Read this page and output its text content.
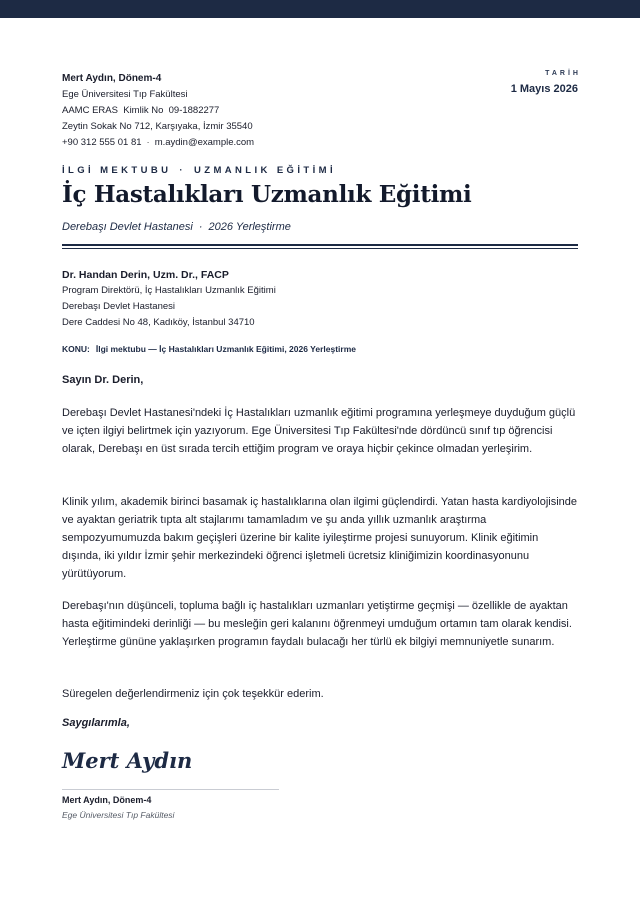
Mert Aydın, Dönem-4
Ege Üniversitesi Tıp Fakültesi
AAMC ERAS  Kimlik No  09-1882277
Zeytin Sokak No 712, Karşıyaka, İzmir 35540
+90 312 555 01 81 · m.aydin@example.com
TARİH
1 Mayıs 2026
İLGİ MEKTUBU · UZMANLIK EĞİTİMİ
İç Hastalıkları Uzmanlık Eğitimi
Derebaşı Devlet Hastanesi · 2026 Yerleştirme
Dr. Handan Derin, Uzm. Dr., FACP
Program Direktörü, İç Hastalıkları Uzmanlık Eğitimi
Derebaşı Devlet Hastanesi
Dere Caddesi No 48, Kadıköy, İstanbul 34710
KONU: İlgi mektubu — İç Hastalıkları Uzmanlık Eğitimi, 2026 Yerleştirme
Sayın Dr. Derin,

Derebaşı Devlet Hastanesi'ndeki İç Hastalıkları uzmanlık eğitimi programına yerleşmeye duyduğum güçlü ve içten ilgiyi belirtmek için yazıyorum. Ege Üniversitesi Tıp Fakültesi'nde dördüncü sınıf tıp öğrencisi olarak, Derebaşı en üst sırada tercih ettiğim program ve oraya hiçbir çekince olmadan yerleşirim.

Klinik yılım, akademik birinci basamak iç hastalıklarına olan ilgimi güçlendirdi. Yatan hasta kardiyolojisinde ve ayaktan geriatrik tıpta alt stajlarımı tamamladım ve şu anda yıllık uzmanlık araştırma sempozyumumuzda bakım geçişleri üzerine bir kalite iyileştirme projesi sunuyorum. Klinik eğitimin dışında, iki yıldır İzmir şehir merkezindeki öğrenci işletmeli ücretsiz kliniğimizin koordinasyonunu yürütüyorum.

Derebaşı'nın düşünceli, topluma bağlı iç hastalıkları uzmanları yetiştirme geçmişi — özellikle de ayaktan hasta eğitimindeki derinliği — bu mesleğin geri kalanını öğrenmeyi umduğum ortamın tam olarak kendisi. Yerleştirme gününe yaklaşırken programın faydalı bulacağı her türlü ek bilgiyi memnuniyetle sunarım.

Süregelen değerlendirmeniz için çok teşekkür ederim.

Saygılarımla,
Mert Aydın
Mert Aydın, Dönem-4
Ege Üniversitesi Tıp Fakültesi
